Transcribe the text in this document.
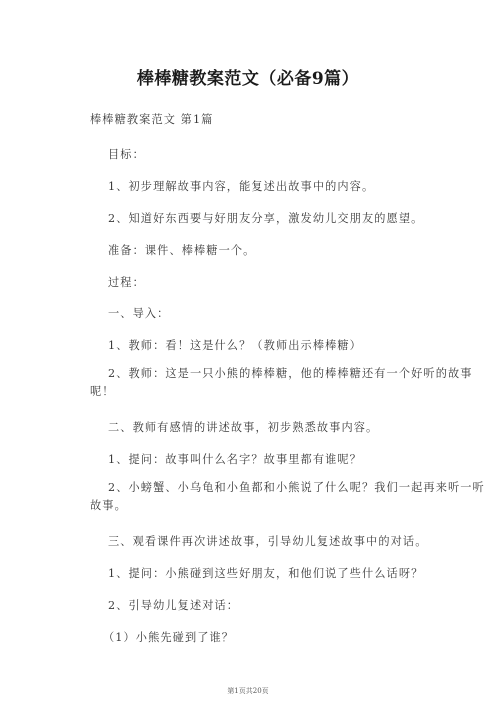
棒棒糖教案范文（必备9篇）
棒棒糖教案范文 第1篇
目标：
1、初步理解故事内容，能复述出故事中的内容。
2、知道好东西要与好朋友分享，激发幼儿交朋友的愿望。
准备：课件、棒棒糖一个。
过程：
一、导入：
1、教师：看！这是什么？（教师出示棒棒糖）
2、教师：这是一只小熊的棒棒糖，他的棒棒糖还有一个好听的故事呢！
二、教师有感情的讲述故事，初步熟悉故事内容。
1、提问：故事叫什么名字？故事里都有谁呢？
2、小螃蟹、小乌龟和小鱼都和小熊说了什么呢？我们一起再来听一听故事。
三、观看课件再次讲述故事，引导幼儿复述故事中的对话。
1、提问：小熊碰到这些好朋友，和他们说了些什么话呀？
2、引导幼儿复述对话：
（1）小熊先碰到了谁？
第1页共20页
